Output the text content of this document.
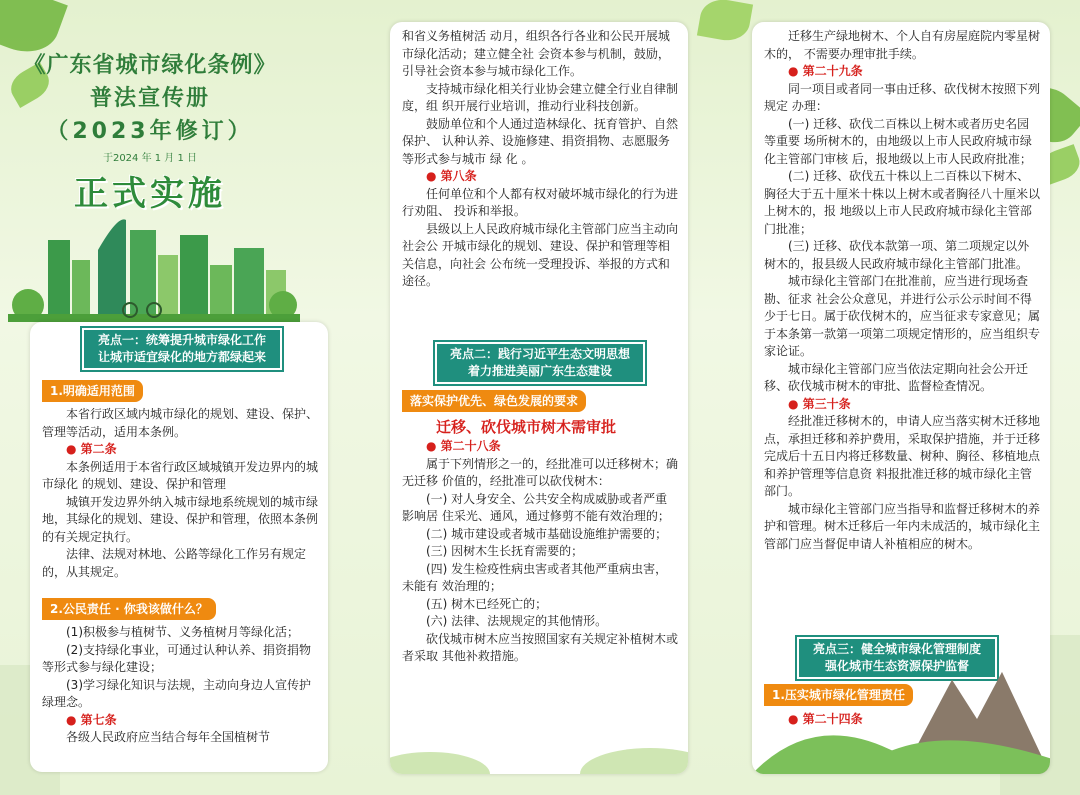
《广东省城市绿化条例》
普法宣传册
（2023年修订）
于2024 年 1 月 1 日
正式实施
亮点一：统筹提升城市绿化工作
让城市适宜绿化的地方都绿起来
1.明确适用范围

本省行政区域内城市绿化的规划、建设、保护、管理等活动，适用本条例。

● 第二条

本条例适用于本省行政区域城镇开发边界内的城市绿化 的规划、建设、保护和管理

城镇开发边界外纳入城市绿地系统规划的城市绿地，其绿化的规划、建设、保护和管理，依照本条例的有关规定执行。

法律、法规对林地、公路等绿化工作另有规定的，从其规定。

2.公民责任 · 你我该做什么？

(1)积极参与植树节、义务植树月等绿化活；

(2)支持绿化事业，可通过认种认养、捐资捐物等形式参与绿化建设；

(3)学习绿化知识与法规，主动向身边人宣传护绿理念。

● 第七条

各级人民政府应当结合每年全国植树节

和省义务植树活 动月，组织各行各业和公民开展城市绿化活动；建立健全社 会资本参与机制，鼓励，引导社会资本参与城市绿化工作。

支持城市绿化相关行业协会建立健全行业自律制度，组 织开展行业培训，推动行业科技创新。

鼓励单位和个人通过造林绿化、抚育管护、自然保护、 认种认养、设施修建、捐资捐物、志愿服务等形式参与城市 绿 化 。

● 第八条

任何单位和个人都有权对破坏城市绿化的行为进行劝阻、 投诉和举报。

县级以上人民政府城市绿化主管部门应当主动向社会公 开城市绿化的规划、建设、保护和管理等相关信息，向社会 公布统一受理投诉、举报的方式和途径。

亮点二：践行习近平生态文明思想
着力推进美丽广东生态建设
落实保护优先、绿色发展的要求
迁移、砍伐城市树木需审批
● 第二十八条

属于下列情形之一的，经批准可以迁移树木；确无迁移 价值的，经批准可以砍伐树木：

(一) 对人身安全、公共安全构成威胁或者严重影响居 住采光、通风，通过修剪不能有效治理的；

(二) 城市建设或者城市基础设施维护需要的；

(三) 因树木生长抚育需要的；

(四) 发生检疫性病虫害或者其他严重病虫害，未能有 效治理的；

(五) 树木已经死亡的；

(六) 法律、法规规定的其他情形。

砍伐城市树木应当按照国家有关规定补植树木或者采取 其他补救措施。

迁移生产绿地树木、个人自有房屋庭院内零星树木的， 不需要办理审批手续。

● 第二十九条

同一项目或者同一事由迁移、砍伐树木按照下列规定 办理：

(一) 迁移、砍伐二百株以上树木或者历史名园等重要 场所树木的，由地级以上市人民政府城市绿化主管部门审核 后，报地级以上市人民政府批准；

(二) 迁移、砍伐五十株以上二百株以下树木、胸径大于五十厘米十株以上树木或者胸径八十厘米以上树木的，报 地级以上市人民政府城市绿化主管部门批准；

(三) 迁移、砍伐本款第一项、第二项规定以外树木的，报县级人民政府城市绿化主管部门批准。

城市绿化主管部门在批准前，应当进行现场查勘、征求 社会公众意见，并进行公示公示时间不得少于七日。属于砍伐树木的，应当征求专家意见；属于本条第一款第一项第二项规定情形的，应当组织专家论证。

城市绿化主管部门应当依法定期向社会公开迁移、砍伐城市树木的审批、监督检查情况。

● 第三十条

经批准迁移树木的，申请人应当落实树木迁移地点，承担迁移和养护费用，采取保护措施，并于迁移完成后十五日内将迁移数量、树种、胸径、移植地点和养护管理等信息资 料报批准迁移的城市绿化主管部门。

城市绿化主管部门应当指导和监督迁移树木的养护和管理。树木迁移后一年内未成活的，城市绿化主管部门应当督促申请人补植相应的树木。

亮点三：健全城市绿化管理制度
强化城市生态资源保护监督
1.压实城市绿化管理责任
● 第二十四条
